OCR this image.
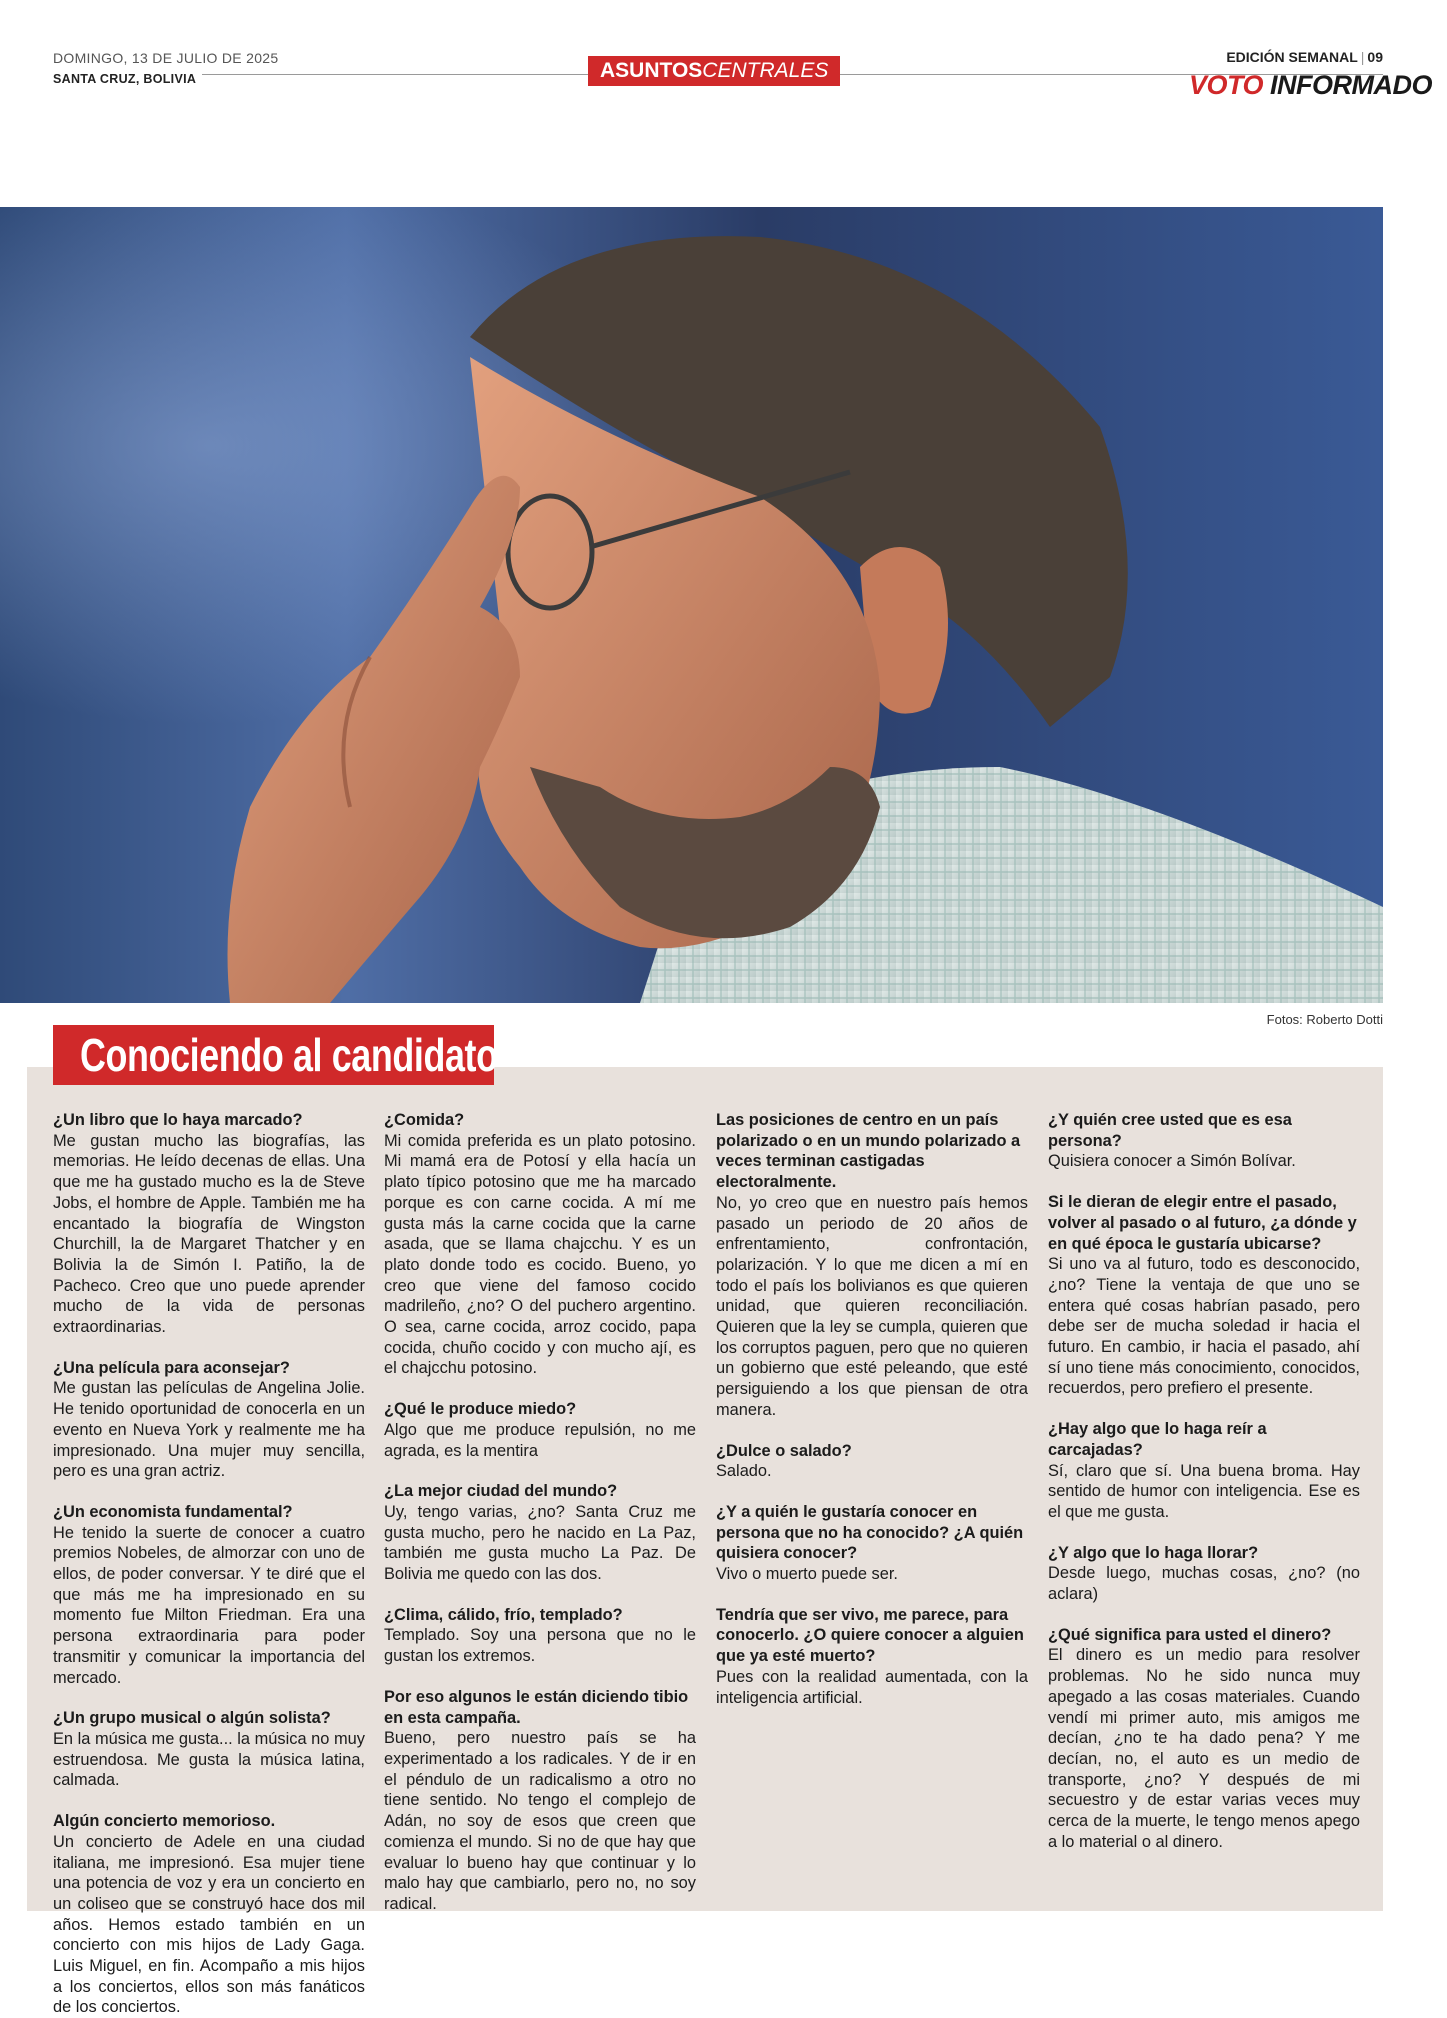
DOMINGO, 13 DE JULIO DE 2025
SANTA CRUZ, BOLIVIA	ASUNTOS CENTRALES
EDICIÓN SEMANAL | 09
VOTO INFORMADO
Fotos: Roberto Dotti
Conociendo al candidato

¿Un libro que lo haya marcado?
Me gustan mucho las biografías, las memorias. He leído decenas de ellas. Una que me ha gustado mucho es la de Steve Jobs, el hombre de Apple. También me ha encantado la biografía de Wingston Churchill, la de Margaret Thatcher y en Bolivia la de Simón I. Patiño, la de Pacheco. Creo que uno puede aprender mucho de la vida de personas extraordinarias.

¿Una película para aconsejar?
Me gustan las películas de Angelina Jolie. He tenido oportunidad de conocerla en un evento en Nueva York y realmente me ha impresionado. Una mujer muy sencilla, pero es una gran actriz.

¿Un economista fundamental?
He tenido la suerte de conocer a cuatro premios Nobeles, de almorzar con uno de ellos, de poder conversar. Y te diré que el que más me ha impresionado en su momento fue Milton Friedman. Era una persona extraordinaria para poder transmitir y comunicar la importancia del mercado.

¿Un grupo musical o algún solista?
En la música me gusta... la música no muy estruendosa. Me gusta la música latina, calmada.

Algún concierto memorioso.
Un concierto de Adele en una ciudad italiana, me impresionó. Esa mujer tiene una potencia de voz y era un concierto en un coliseo que se construyó hace dos mil años. Hemos estado también en un concierto con mis hijos de Lady Gaga. Luis Miguel, en fin. Acompaño a mis hijos a los conciertos, ellos son más fanáticos de los conciertos.

¿Comida?
Mi comida preferida es un plato potosino. Mi mamá era de Potosí y ella hacía un plato típico potosino que me ha marcado porque es con carne cocida. A mí me gusta más la carne cocida que la carne asada, que se llama chajcchu. Y es un plato donde todo es cocido. Bueno, yo creo que viene del famoso cocido madrileño, ¿no? O del puchero argentino. O sea, carne cocida, arroz cocido, papa cocida, chuño cocido y con mucho ají, es el chajcchu potosino.

¿Qué le produce miedo?
Algo que me produce repulsión, no me agrada, es la mentira

¿La mejor ciudad del mundo?
Uy, tengo varias, ¿no? Santa Cruz me gusta mucho, pero he nacido en La Paz, también me gusta mucho La Paz. De Bolivia me quedo con las dos.

¿Clima, cálido, frío, templado?
Templado. Soy una persona que no le gustan los extremos.

Por eso algunos le están diciendo tibio en esta campaña.
Bueno, pero nuestro país se ha experimentado a los radicales. Y de ir en el péndulo de un radicalismo a otro no tiene sentido. No tengo el complejo de Adán, no soy de esos que creen que comienza el mundo. Si no de que hay que evaluar lo bueno hay que continuar y lo malo hay que cambiarlo, pero no, no soy radical.

Las posiciones de centro en un país polarizado o en un mundo polarizado a veces terminan castigadas electoralmente.
No, yo creo que en nuestro país hemos pasado un periodo de 20 años de enfrentamiento, confrontación, polarización. Y lo que me dicen a mí en todo el país los bolivianos es que quieren unidad, que quieren reconciliación. Quieren que la ley se cumpla, quieren que los corruptos paguen, pero que no quieren un gobierno que esté peleando, que esté persiguiendo a los que piensan de otra manera.

¿Dulce o salado?
Salado.

¿Y a quién le gustaría conocer en persona que no ha conocido? ¿A quién quisiera conocer?
Vivo o muerto puede ser.

Tendría que ser vivo, me parece, para conocerlo. ¿O quiere conocer a alguien que ya esté muerto?
Pues con la realidad aumentada, con la inteligencia artificial.

¿Y quién cree usted que es esa persona?
Quisiera conocer a Simón Bolívar.

Si le dieran de elegir entre el pasado, volver al pasado o al futuro, ¿a dónde y en qué época le gustaría ubicarse?
Si uno va al futuro, todo es desconocido, ¿no? Tiene la ventaja de que uno se entera qué cosas habrían pasado, pero debe ser de mucha soledad ir hacia el futuro. En cambio, ir hacia el pasado, ahí sí uno tiene más conocimiento, conocidos, recuerdos, pero prefiero el presente.

¿Hay algo que lo haga reír a carcajadas?
Sí, claro que sí. Una buena broma. Hay sentido de humor con inteligencia. Ese es el que me gusta.

¿Y algo que lo haga llorar?
Desde luego, muchas cosas, ¿no? (no aclara)

¿Qué significa para usted el dinero?
El dinero es un medio para resolver problemas. No he sido nunca muy apegado a las cosas materiales. Cuando vendí mi primer auto, mis amigos me decían, ¿no te ha dado pena? Y me decían, no, el auto es un medio de transporte, ¿no? Y después de mi secuestro y de estar varias veces muy cerca de la muerte, le tengo menos apego a lo material o al dinero.
